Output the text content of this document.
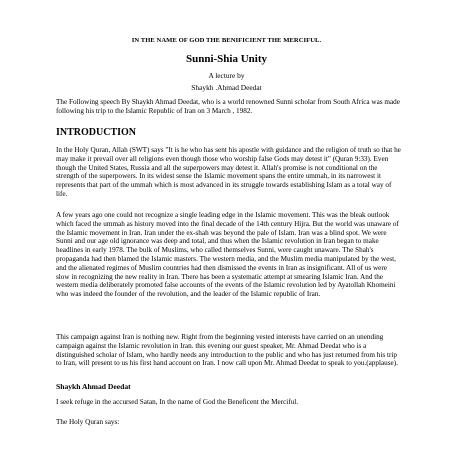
IN THE NAME OF GOD THE BENIFICIENT THE MERCIFUL.
Sunni-Shia Unity
A lecture by
Shaykh .Ahmad Deedat
The Following speech By Shaykh Ahmad Deedat, who is a world renowned Sunni scholar from South Africa was made following his trip to the Islamic Republic of Iran on 3 March , 1982.
INTRODUCTION
In the Holy Quran, Allah (SWT) says "It is he who has sent his apostle with guidance and the religion of truth so that he may make it prevail over all religions even though those who worship false Gods may detest it" (Quran 9:33). Even though the United States, Russia and all the superpowers may detest it. Allah's promise is not conditional on the strength of the superpowers. In its widest sense the Islamic movement spans the entire ummah, in its narrowest it represents that part of the ummah which is most advanced in its struggle towards establishing Islam as a total way of life.
A few years ago one could not recognize a single leading edge in the Islamic movement. This was the bleak outlook which faced the ummah as history moved into the final decade of the 14th century Hijra. But the world was unaware of the Islamic movement in Iran. Iran under the ex-shah was beyond the pale of Islam. Iran was a blind spot. We were Sunni and our age old ignorance was deep and total, and thus when the Islamic revolution in Iran began to make headlines in early 1978. The bulk of Muslims, who called themselves Sunni, were caught unaware. The Shah's propaganda had then blamed the Islamic masters. The western media, and the Muslim media manipulated by the west, and the alienated regimes of Muslim countries had then dismissed the events in Iran as insignificant. All of us were slow in recognizing the new reality in Iran. There has been a systematic attempt at smearing Islamic Iran. And the western media deliberately promoted false accounts of the events of the Islamic revolution led by Ayatollah Khomeini who was indeed the founder of the revolution, and the leader of the Islamic republic of Iran.
This campaign against Iran is nothing new. Right from the beginning vested interests have carried on an unending campaign against the Islamic revolution in Iran. this evening our guest speaker, Mr. Ahmad Deedat who is a distinguished scholar of Islam, who hardly needs any introduction to the public and who has just returned from his trip to Iran, will present to us his first hand account on Iran. I now call upon Mr. Ahmad Deedat to speak to you.(applause).
Shaykh Ahmad Deedat
I seek refuge in the accursed Satan, In the name of God the Beneficent the Merciful.
The Holy Quran says:
